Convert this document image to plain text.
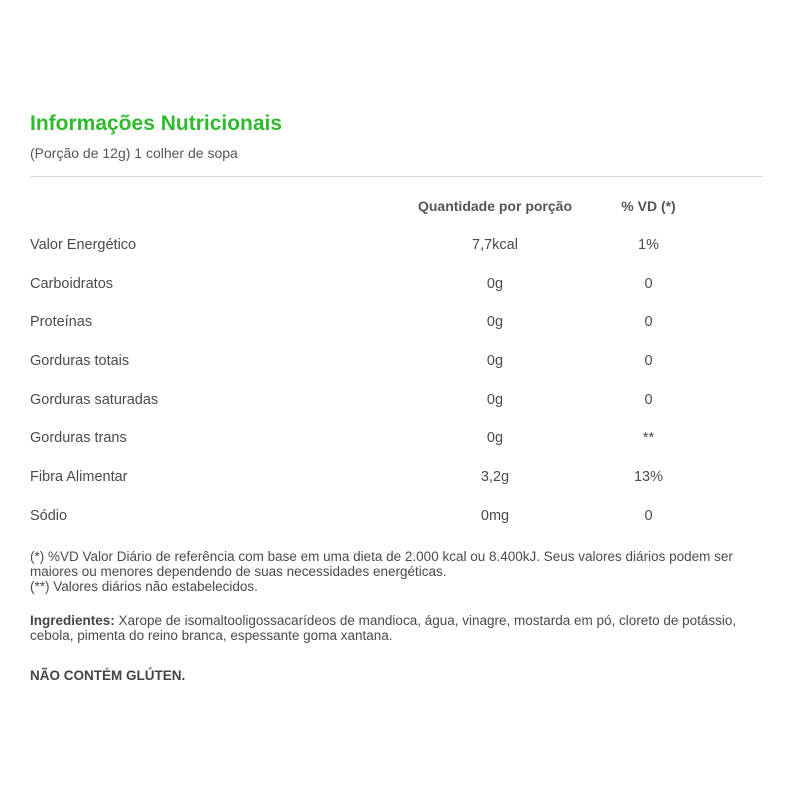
Informações Nutricionais

(Porção de 12g) 1 colher de sopa

	Quantidade por porção	% VD (*)
Valor Energético	7,7kcal	1%
Carboidratos	0g	0
Proteínas	0g	0
Gorduras totais	0g	0
Gorduras saturadas	0g	0
Gorduras trans	0g	**
Fibra Alimentar	3,2g	13%
Sódio	0mg	0

(*) %VD Valor Diário de referência com base em uma dieta de 2.000 kcal ou 8.400kJ. Seus valores diários podem ser maiores ou menores dependendo de suas necessidades energéticas.

(**) Valores diários não estabelecidos.

Ingredientes: Xarope de isomaltooligossacarídeos de mandioca, água, vinagre, mostarda em pó, cloreto de potássio, cebola, pimenta do reino branca, espessante goma xantana.
NÃO CONTÉM GLÚTEN.
